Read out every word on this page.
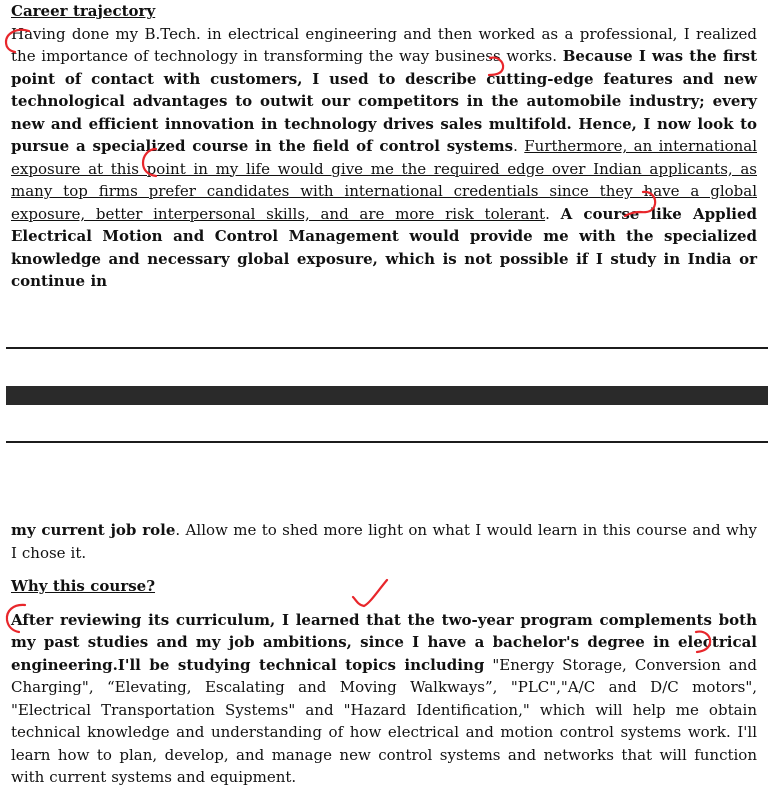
Career trajectory

Having done my B.Tech. in electrical engineering and then worked as a professional, I realized the importance of technology in transforming the way business works. Because I was the first point of contact with customers, I used to describe cutting-edge features and new technological advantages to outwit our competitors in the automobile industry; every new and efficient innovation in technology drives sales multifold. Hence, I now look to pursue a specialized course in the field of control systems. Furthermore, an international exposure at this point in my life would give me the required edge over Indian applicants, as many top firms prefer candidates with international credentials since they have a global exposure, better interpersonal skills, and are more risk tolerant. A course like Applied Electrical Motion and Control Management would provide me with the specialized knowledge and necessary global exposure, which is not possible if I study in India or continue in

my current job role. Allow me to shed more light on what I would learn in this course and why I chose it.

Why this course?

After reviewing its curriculum, I learned that the two-year program complements both my past studies and my job ambitions, since I have a bachelor's degree in electrical engineering.I'll be studying technical topics including "Energy Storage, Conversion and Charging", “Elevating, Escalating and Moving Walkways”, "PLC","A/C and D/C motors", "Electrical Transportation Systems" and "Hazard Identification," which will help me obtain technical knowledge and understanding of how electrical and motion control systems work. I'll learn how to plan, develop, and manage new control systems and networks that will function with current systems and equipment.
